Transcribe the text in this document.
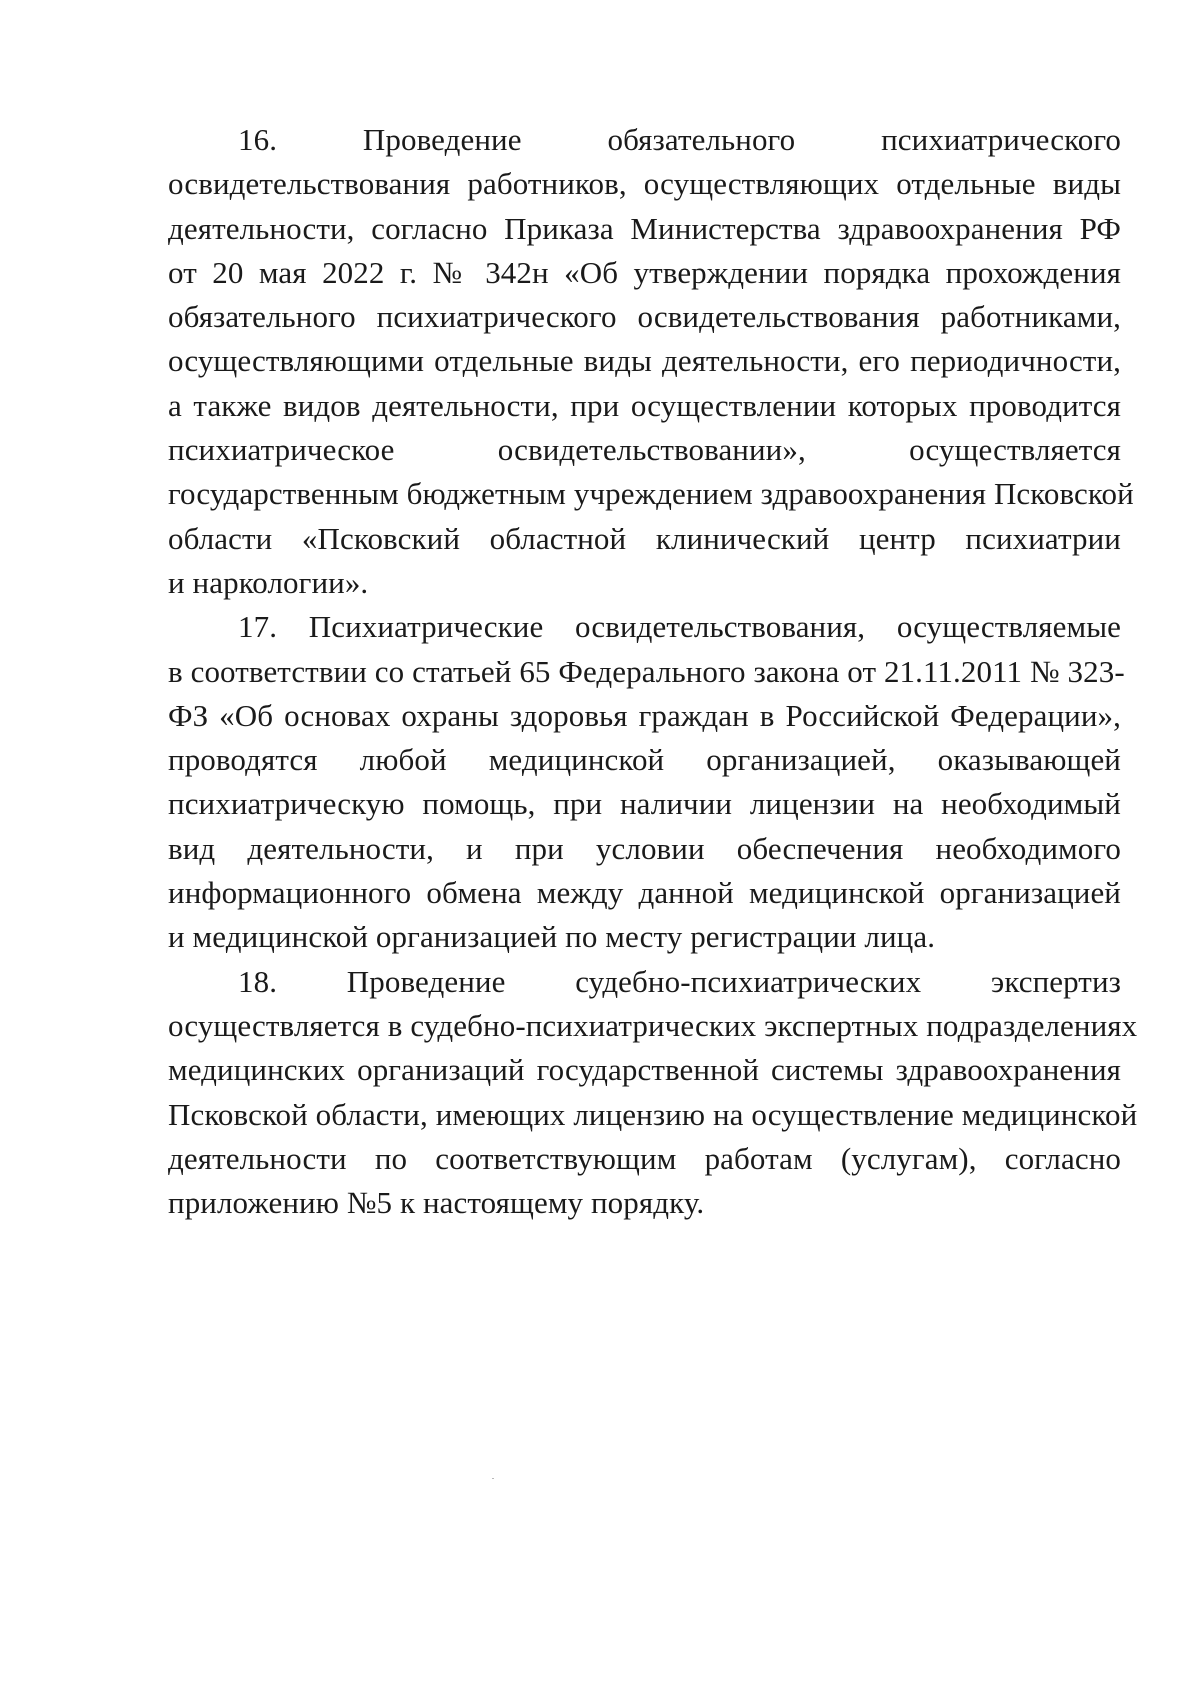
16. Проведение обязательного психиатрического
освидетельствования работников, осуществляющих отдельные виды
деятельности, согласно Приказа Министерства здравоохранения РФ
от 20 мая 2022 г. № 342н «Об утверждении порядка прохождения
обязательного психиатрического освидетельствования работниками,
осуществляющими отдельные виды деятельности, его периодичности,
а также видов деятельности, при осуществлении которых проводится
психиатрическое освидетельствовании», осуществляется
государственным бюджетным учреждением здравоохранения Псковской
области «Псковский областной клинический центр психиатрии
и наркологии».

17. Психиатрические освидетельствования, осуществляемые
в соответствии со статьей 65 Федерального закона от 21.11.2011 № 323-
ФЗ «Об основах охраны здоровья граждан в Российской Федерации»,
проводятся любой медицинской организацией, оказывающей
психиатрическую помощь, при наличии лицензии на необходимый
вид деятельности, и при условии обеспечения необходимого
информационного обмена между данной медицинской организацией
и медицинской организацией по месту регистрации лица.

18. Проведение судебно-психиатрических экспертиз
осуществляется в судебно-психиатрических экспертных подразделениях
медицинских организаций государственной системы здравоохранения
Псковской области, имеющих лицензию на осуществление медицинской
деятельности по соответствующим работам (услугам), согласно
приложению №5 к настоящему порядку.
